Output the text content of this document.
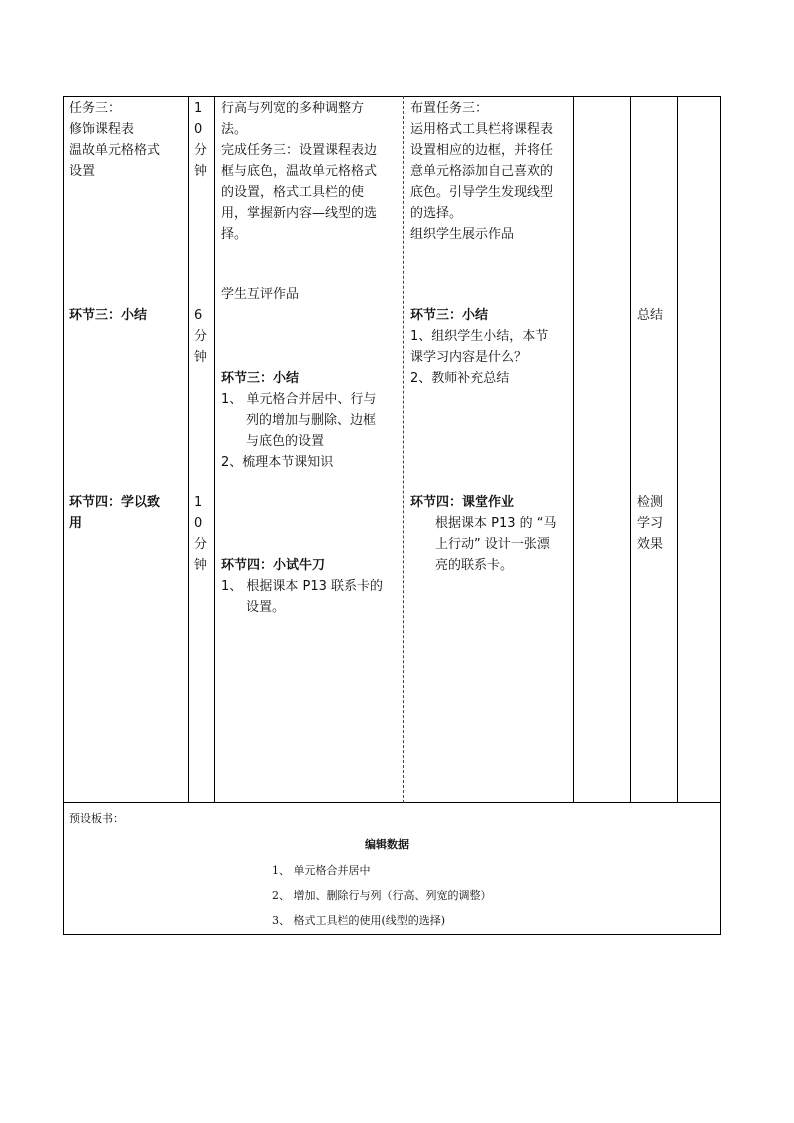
任务三：
修饰课程表
温故单元格格式
设置
1
0
分
钟
行高与列宽的多种调整方
法。
完成任务三：设置课程表边
框与底色，温故单元格格式
的设置，格式工具栏的使
用，掌握新内容—线型的选
择。
布置任务三：
运用格式工具栏将课程表
设置相应的边框，并将任
意单元格添加自己喜欢的
底色。引导学生发现线型
的选择。
组织学生展示作品
学生互评作品
环节三：小结	6
分
钟
环节三：小结
1、组织学生小结，本节
课学习内容是什么？
2、教师补充总结
总结
环节三：小结
1、 单元格合并居中、行与
列的增加与删除、边框
与底色的设置
2、梳理本节课知识
环节四：学以致
用
1
0
分
钟
环节四：课堂作业
根据课本 P13 的 “马
上行动” 设计一张漂
亮的联系卡。
检测
学习
效果
环节四：小试牛刀
1、 根据课本 P13 联系卡的
设置。
预设板书：
编辑数据
1、 单元格合并居中
2、 增加、删除行与列（行高、列宽的调整）
3、 格式工具栏的使用(线型的选择)
